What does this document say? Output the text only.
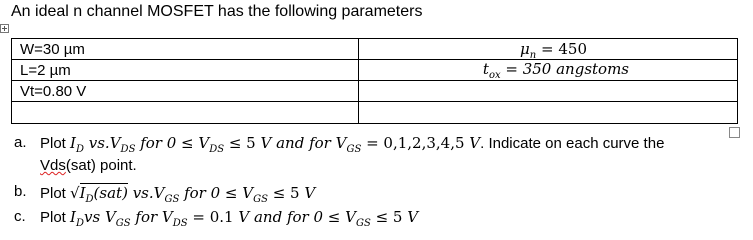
An ideal n channel MOSFET has the following parameters
W=30 µm	$\mu_n = 450$
L=2 µm	$t_{ox} = 350$ angstoms
Vt=0.80 V
a. Plot $I_D$ $vs.V_{DS}$ for $0 \le V_{DS} \le 5$ V and for $V_{GS} = 0,1,2,3,4,5$ V. Indicate on each curve the
Vds(sat) point.
b. Plot $√I_D(sat)$ $vs.V_{GS}$ for $0 \le V_{GS} \le 5$ V
c. Plot $I_Dvs$ $V_{GS}$ for $V_{DS} = 0.1$ V and for $0 \le V_{GS} \le 5$ V
